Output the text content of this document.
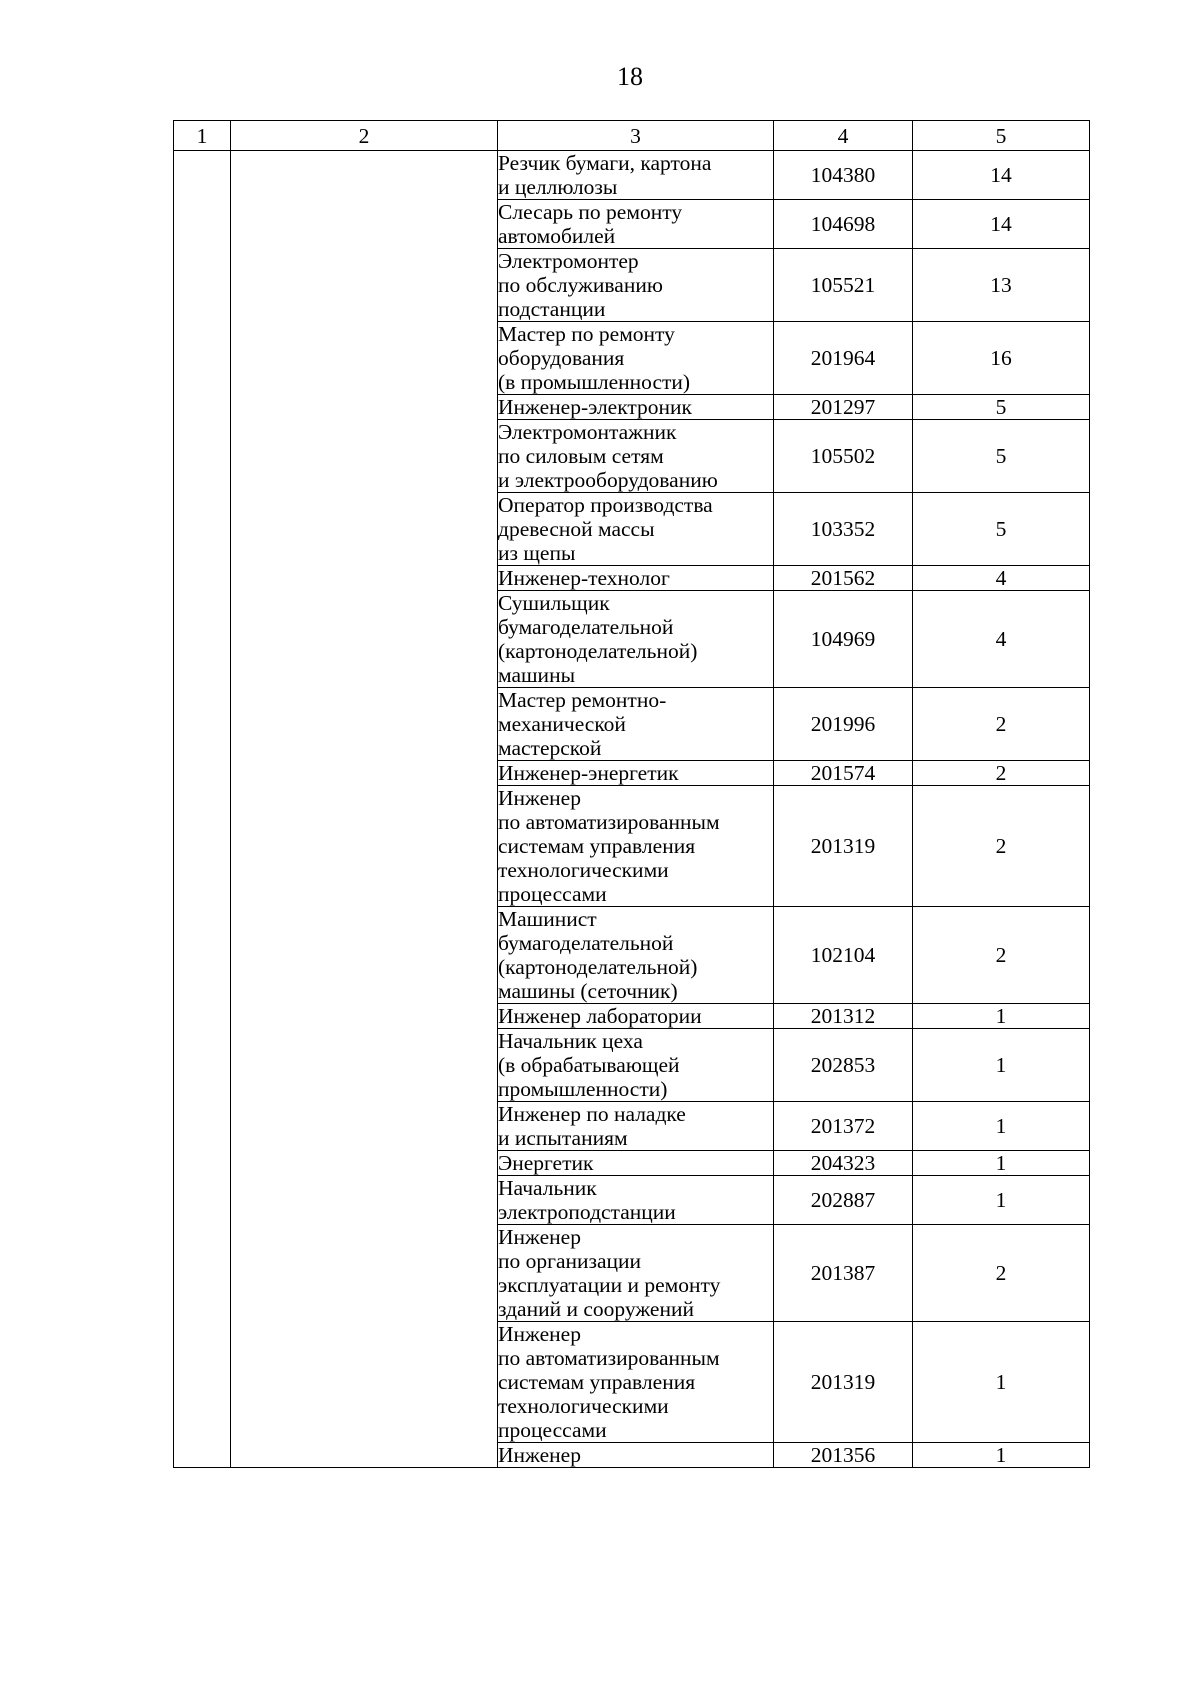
18
1	2	3	4	5
		Резчик бумаги, картона
и целлюлозы	104380	14
		Слесарь по ремонту
автомобилей	104698	14
		Электромонтер
по обслуживанию
подстанции	105521	13
		Мастер по ремонту
оборудования
(в промышленности)	201964	16
		Инженер-электроник	201297	5
		Электромонтажник
по силовым сетям
и электрооборудованию	105502	5
		Оператор производства
древесной массы
из щепы	103352	5
		Инженер-технолог	201562	4
		Сушильщик
бумагоделательной
(картоноделательной)
машины	104969	4
		Мастер ремонтно-
механической
мастерской	201996	2
		Инженер-энергетик	201574	2
		Инженер
по автоматизированным
системам управления
технологическими
процессами	201319	2
		Машинист
бумагоделательной
(картоноделательной)
машины (сеточник)	102104	2
		Инженер лаборатории	201312	1
		Начальник цеха
(в обрабатывающей
промышленности)	202853	1
		Инженер по наладке
и испытаниям	201372	1
		Энергетик	204323	1
		Начальник
электроподстанции	202887	1
		Инженер
по организации
эксплуатации и ремонту
зданий и сооружений	201387	2
		Инженер
по автоматизированным
системам управления
технологическими
процессами	201319	1
		Инженер	201356	1
